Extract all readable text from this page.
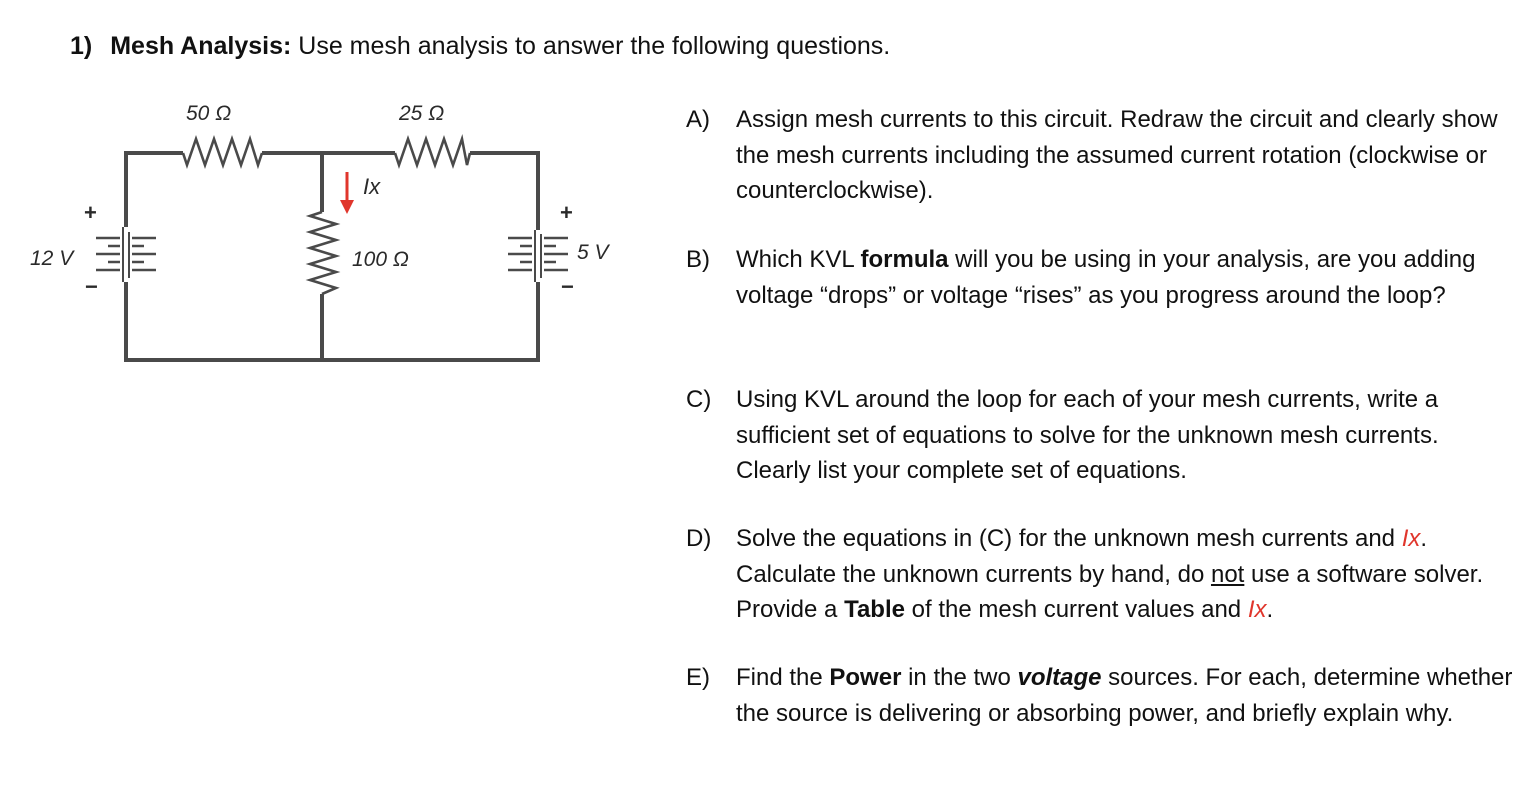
1) Mesh Analysis: Use mesh analysis to answer the following questions.
50 Ω	25 Ω
100 Ω
12 V	5 V
Ix
+
−
+
−
A) Assign mesh currents to this circuit. Redraw the circuit and clearly show the mesh currents including the assumed current rotation (clockwise or counterclockwise).
B) Which KVL formula will you be using in your analysis, are you adding voltage “drops” or voltage “rises” as you progress around the loop?
C) Using KVL around the loop for each of your mesh currents, write a sufficient set of equations to solve for the unknown mesh currents. Clearly list your complete set of equations.
D) Solve the equations in (C) for the unknown mesh currents and Ix. Calculate the unknown currents by hand, do not use a software solver. Provide a Table of the mesh current values and Ix.
E) Find the Power in the two voltage sources. For each, determine whether the source is delivering or absorbing power, and briefly explain why.
